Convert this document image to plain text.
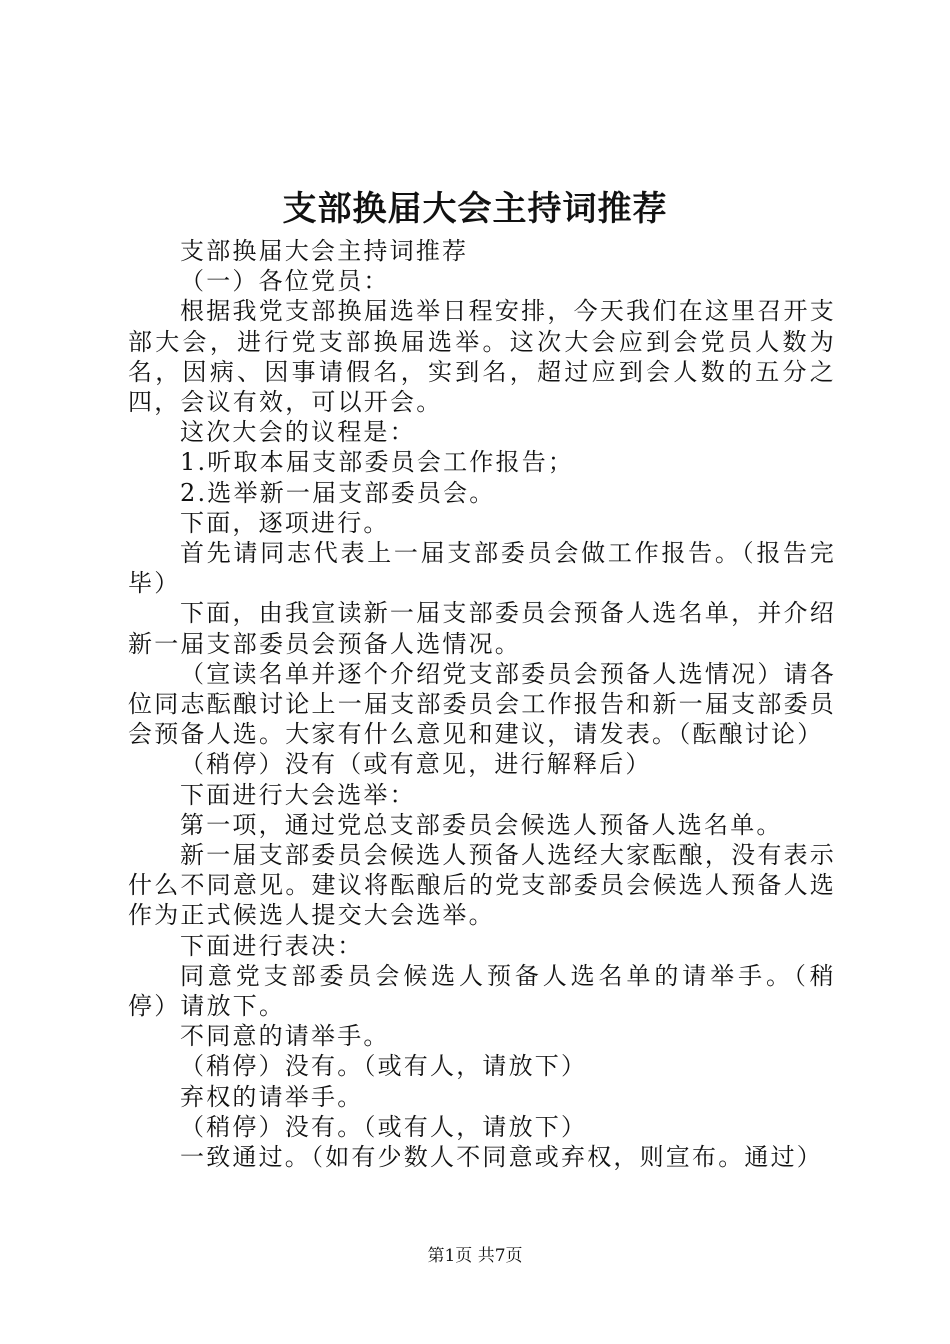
支部换届大会主持词推荐

支部换届大会主持词推荐

（一）各位党员：

根据我党支部换届选举日程安排，今天我们在这里召开支部大会，进行党支部换届选举。这次大会应到会党员人数为名，因病、因事请假名，实到名，超过应到会人数的五分之四，会议有效，可以开会。

这次大会的议程是：

1.听取本届支部委员会工作报告；

2.选举新一届支部委员会。

下面，逐项进行。

首先请同志代表上一届支部委员会做工作报告。（报告完毕）

下面，由我宣读新一届支部委员会预备人选名单，并介绍新一届支部委员会预备人选情况。

（宣读名单并逐个介绍党支部委员会预备人选情况）请各位同志酝酿讨论上一届支部委员会工作报告和新一届支部委员会预备人选。大家有什么意见和建议，请发表。（酝酿讨论）

（稍停）没有（或有意见，进行解释后）

下面进行大会选举：

第一项，通过党总支部委员会候选人预备人选名单。

新一届支部委员会候选人预备人选经大家酝酿，没有表示什么不同意见。建议将酝酿后的党支部委员会候选人预备人选作为正式候选人提交大会选举。

下面进行表决：

同意党支部委员会候选人预备人选名单的请举手。（稍停）请放下。

不同意的请举手。

（稍停）没有。（或有人，请放下）

弃权的请举手。

（稍停）没有。（或有人，请放下）

一致通过。（如有少数人不同意或弃权，则宣布。通过）

第1页 共7页
